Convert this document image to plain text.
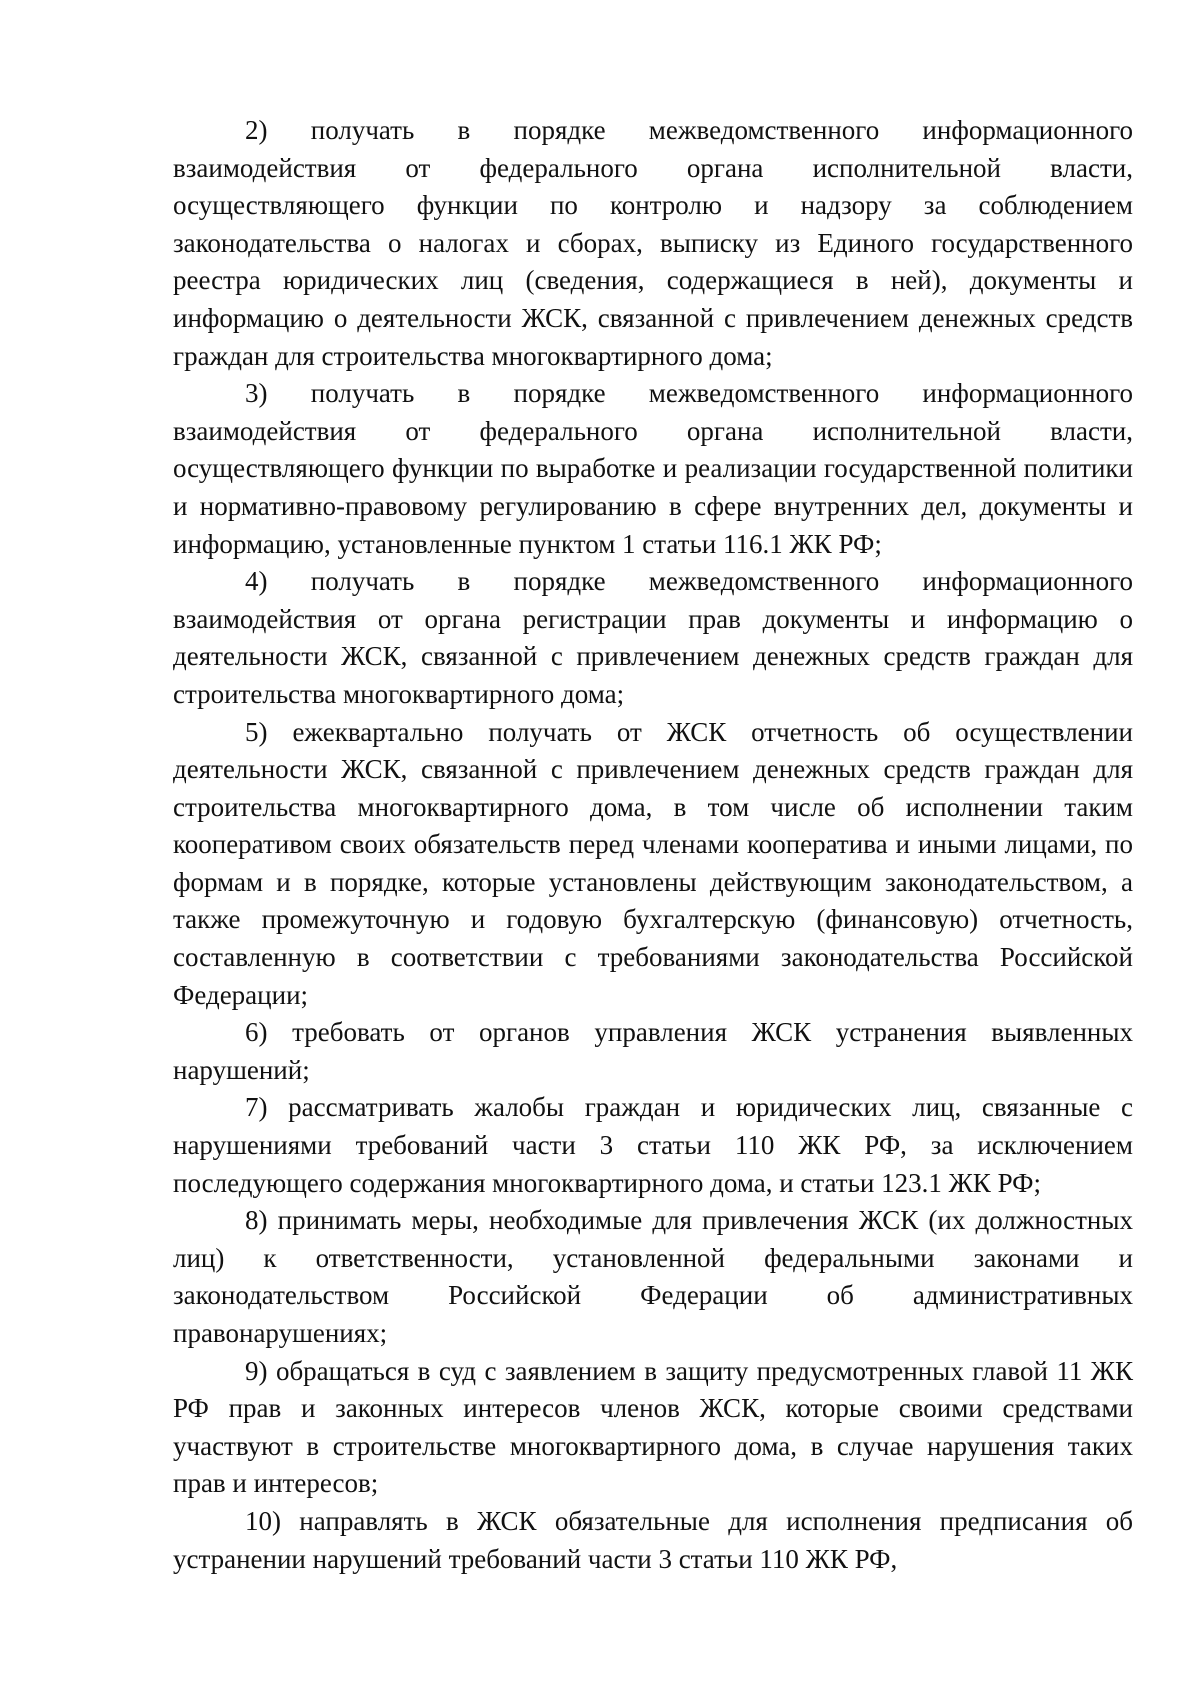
2) получать в порядке межведомственного информационного взаимодействия от федерального органа исполнительной власти, осуществляющего функции по контролю и надзору за соблюдением законодательства о налогах и сборах, выписку из Единого государственного реестра юридических лиц (сведения, содержащиеся в ней), документы и информацию о деятельности ЖСК, связанной с привлечением денежных средств граждан для строительства многоквартирного дома;

3) получать в порядке межведомственного информационного взаимодействия от федерального органа исполнительной власти, осуществляющего функции по выработке и реализации государственной политики и нормативно-правовому регулированию в сфере внутренних дел, документы и информацию, установленные пунктом 1 статьи 116.1 ЖК РФ;

4) получать в порядке межведомственного информационного взаимодействия от органа регистрации прав документы и информацию о деятельности ЖСК, связанной с привлечением денежных средств граждан для строительства многоквартирного дома;

5) ежеквартально получать от ЖСК отчетность об осуществлении деятельности ЖСК, связанной с привлечением денежных средств граждан для строительства многоквартирного дома, в том числе об исполнении таким кооперативом своих обязательств перед членами кооператива и иными лицами, по формам и в порядке, которые установлены действующим законодательством, а также промежуточную и годовую бухгалтерскую (финансовую) отчетность, составленную в соответствии с требованиями законодательства Российской Федерации;

6) требовать от органов управления ЖСК устранения выявленных нарушений;

7) рассматривать жалобы граждан и юридических лиц, связанные с нарушениями требований части 3 статьи 110 ЖК РФ, за исключением последующего содержания многоквартирного дома, и статьи 123.1 ЖК РФ;

8) принимать меры, необходимые для привлечения ЖСК (их должностных лиц) к ответственности, установленной федеральными законами и законодательством Российской Федерации об административных правонарушениях;

9) обращаться в суд с заявлением в защиту предусмотренных главой 11 ЖК РФ прав и законных интересов членов ЖСК, которые своими средствами участвуют в строительстве многоквартирного дома, в случае нарушения таких прав и интересов;

10) направлять в ЖСК обязательные для исполнения предписания об устранении нарушений требований части 3 статьи 110 ЖК РФ,
